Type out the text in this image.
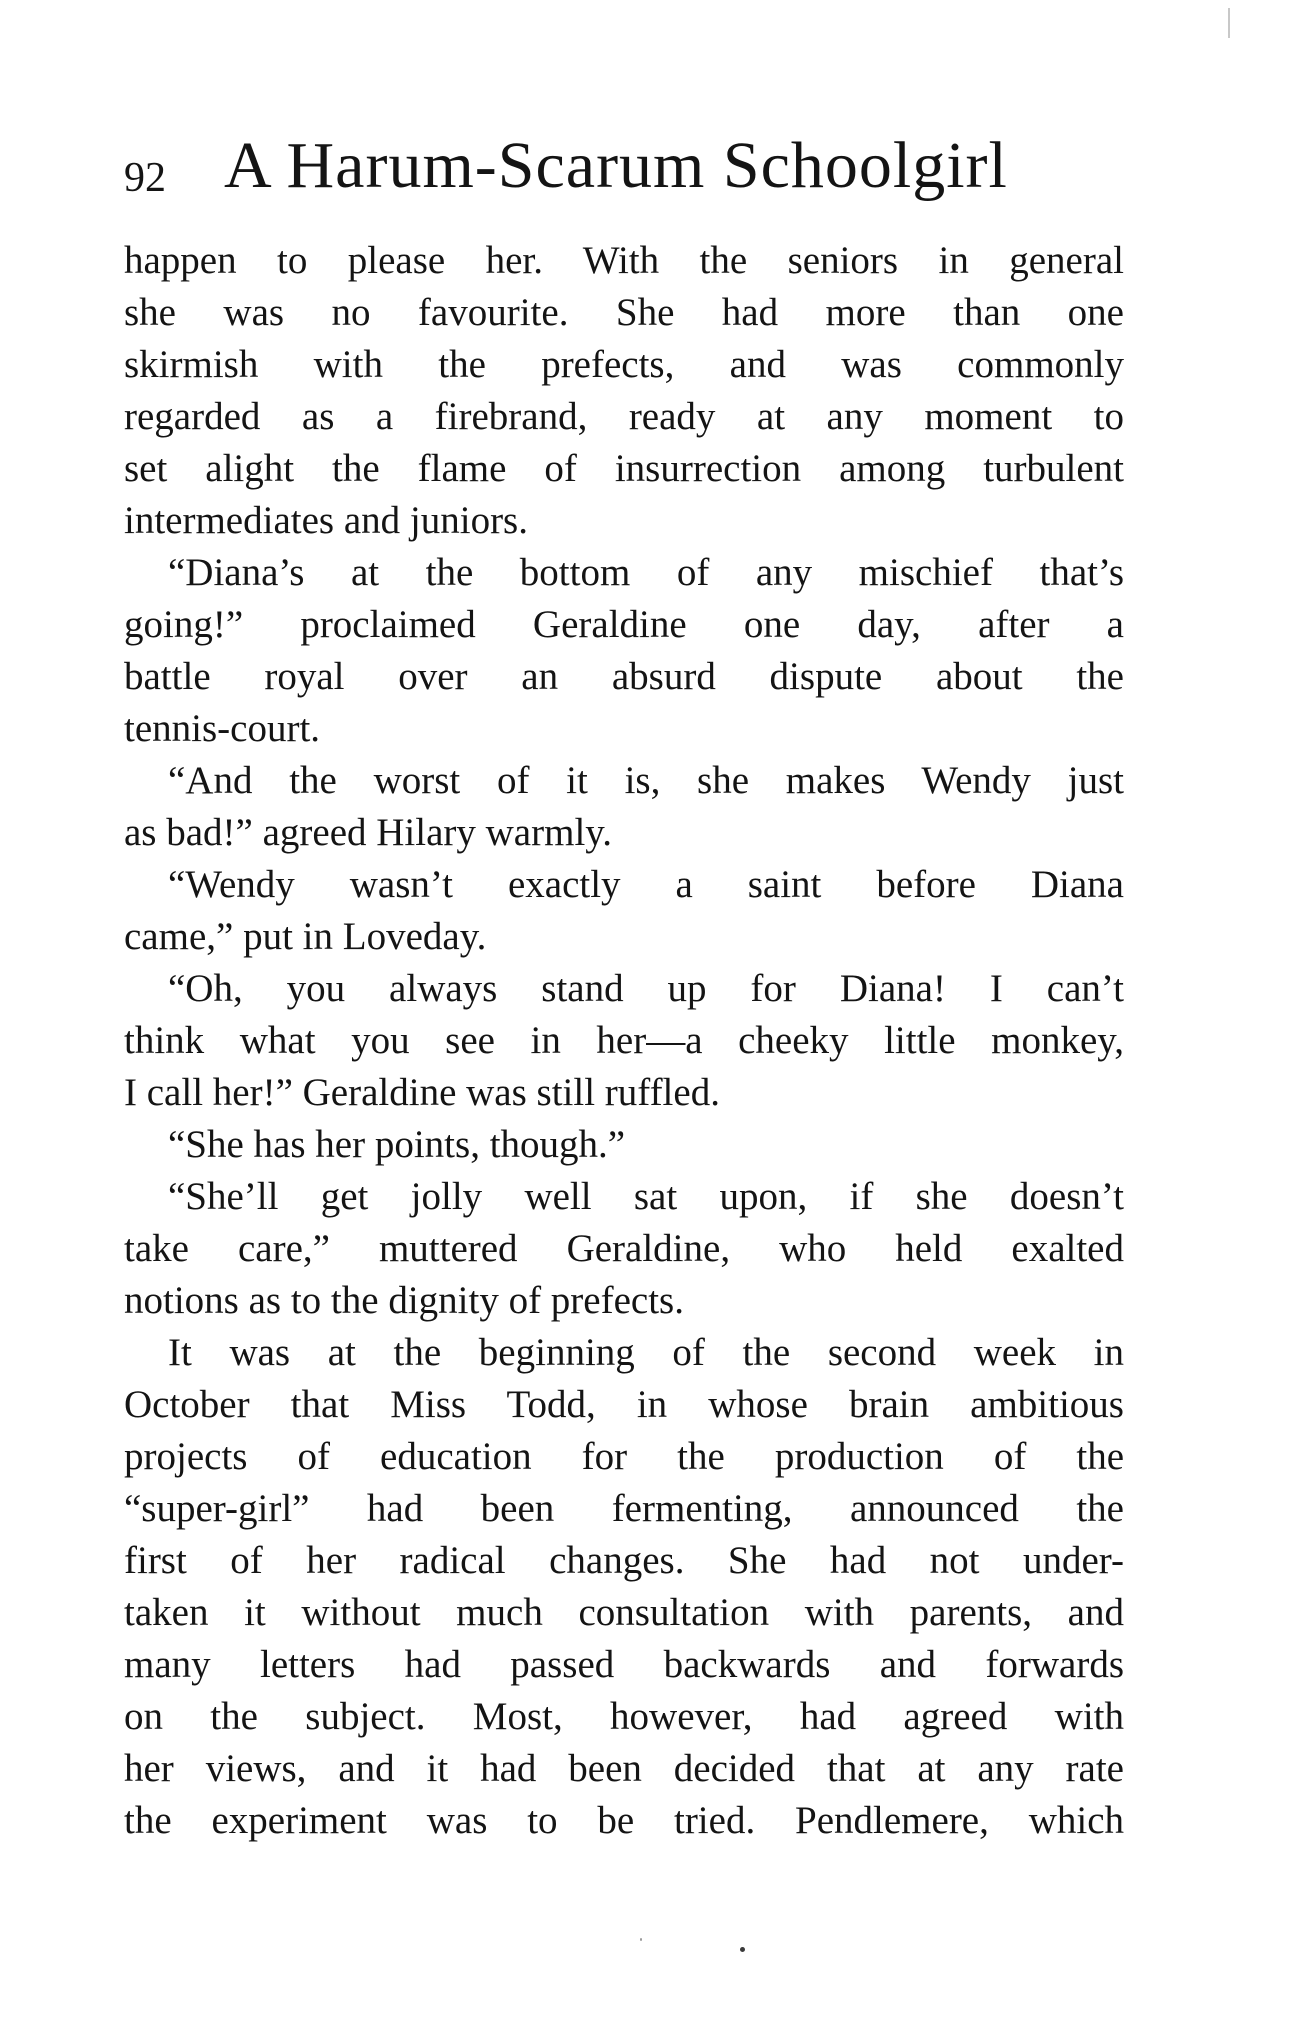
92 A Harum-Scarum Schoolgirl
happen to please her. With the seniors in general
she was no favourite. She had more than one
skirmish with the prefects, and was commonly
regarded as a firebrand, ready at any moment to
set alight the flame of insurrection among turbulent
intermediates and juniors.
“Diana’s at the bottom of any mischief that’s
going!” proclaimed Geraldine one day, after a
battle royal over an absurd dispute about the
tennis-court.
“And the worst of it is, she makes Wendy just
as bad!” agreed Hilary warmly.
“Wendy wasn’t exactly a saint before Diana
came,” put in Loveday.
“Oh, you always stand up for Diana! I can’t
think what you see in her—a cheeky little monkey,
I call her!” Geraldine was still ruffled.
“She has her points, though.”
“She’ll get jolly well sat upon, if she doesn’t
take care,” muttered Geraldine, who held exalted
notions as to the dignity of prefects.
It was at the beginning of the second week in
October that Miss Todd, in whose brain ambitious
projects of education for the production of the
“super-girl” had been fermenting, announced the
first of her radical changes. She had not under-
taken it without much consultation with parents, and
many letters had passed backwards and forwards
on the subject. Most, however, had agreed with
her views, and it had been decided that at any rate
the experiment was to be tried. Pendlemere, which
